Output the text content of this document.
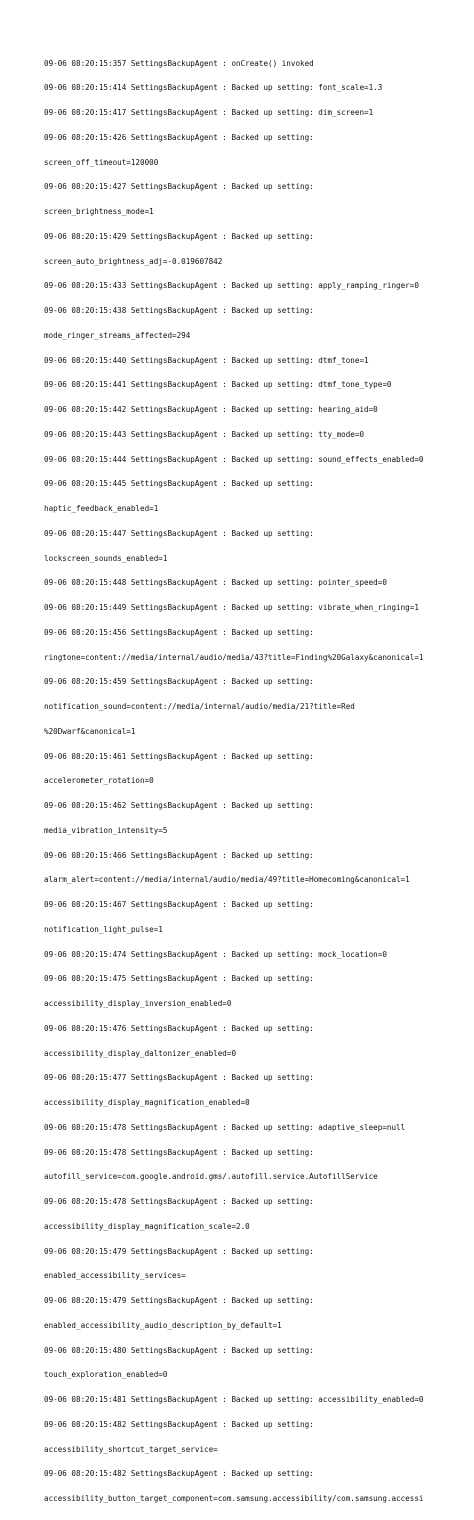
09-06 08:20:15:357 SettingsBackupAgent : onCreate() invoked

09-06 08:20:15:414 SettingsBackupAgent : Backed up setting: font_scale=1.3

09-06 08:20:15:417 SettingsBackupAgent : Backed up setting: dim_screen=1

09-06 08:20:15:426 SettingsBackupAgent : Backed up setting:

screen_off_timeout=120000

09-06 08:20:15:427 SettingsBackupAgent : Backed up setting:

screen_brightness_mode=1

09-06 08:20:15:429 SettingsBackupAgent : Backed up setting:

screen_auto_brightness_adj=-0.019607842

09-06 08:20:15:433 SettingsBackupAgent : Backed up setting: apply_ramping_ringer=0

09-06 08:20:15:438 SettingsBackupAgent : Backed up setting:

mode_ringer_streams_affected=294

09-06 08:20:15:440 SettingsBackupAgent : Backed up setting: dtmf_tone=1

09-06 08:20:15:441 SettingsBackupAgent : Backed up setting: dtmf_tone_type=0

09-06 08:20:15:442 SettingsBackupAgent : Backed up setting: hearing_aid=0

09-06 08:20:15:443 SettingsBackupAgent : Backed up setting: tty_mode=0

09-06 08:20:15:444 SettingsBackupAgent : Backed up setting: sound_effects_enabled=0

09-06 08:20:15:445 SettingsBackupAgent : Backed up setting:

haptic_feedback_enabled=1

09-06 08:20:15:447 SettingsBackupAgent : Backed up setting:

lockscreen_sounds_enabled=1

09-06 08:20:15:448 SettingsBackupAgent : Backed up setting: pointer_speed=0

09-06 08:20:15:449 SettingsBackupAgent : Backed up setting: vibrate_when_ringing=1

09-06 08:20:15:456 SettingsBackupAgent : Backed up setting:

ringtone=content://media/internal/audio/media/43?title=Finding%20Galaxy&canonical=1

09-06 08:20:15:459 SettingsBackupAgent : Backed up setting:

notification_sound=content://media/internal/audio/media/21?title=Red

%20Dwarf&canonical=1

09-06 08:20:15:461 SettingsBackupAgent : Backed up setting:

accelerometer_rotation=0

09-06 08:20:15:462 SettingsBackupAgent : Backed up setting:

media_vibration_intensity=5

09-06 08:20:15:466 SettingsBackupAgent : Backed up setting:

alarm_alert=content://media/internal/audio/media/49?title=Homecoming&canonical=1

09-06 08:20:15:467 SettingsBackupAgent : Backed up setting:

notification_light_pulse=1

09-06 08:20:15:474 SettingsBackupAgent : Backed up setting: mock_location=0

09-06 08:20:15:475 SettingsBackupAgent : Backed up setting:

accessibility_display_inversion_enabled=0

09-06 08:20:15:476 SettingsBackupAgent : Backed up setting:

accessibility_display_daltonizer_enabled=0

09-06 08:20:15:477 SettingsBackupAgent : Backed up setting:

accessibility_display_magnification_enabled=0

09-06 08:20:15:478 SettingsBackupAgent : Backed up setting: adaptive_sleep=null

09-06 08:20:15:478 SettingsBackupAgent : Backed up setting:

autofill_service=com.google.android.gms/.autofill.service.AutofillService

09-06 08:20:15:478 SettingsBackupAgent : Backed up setting:

accessibility_display_magnification_scale=2.0

09-06 08:20:15:479 SettingsBackupAgent : Backed up setting:

enabled_accessibility_services=

09-06 08:20:15:479 SettingsBackupAgent : Backed up setting:

enabled_accessibility_audio_description_by_default=1

09-06 08:20:15:480 SettingsBackupAgent : Backed up setting:

touch_exploration_enabled=0

09-06 08:20:15:481 SettingsBackupAgent : Backed up setting: accessibility_enabled=0

09-06 08:20:15:482 SettingsBackupAgent : Backed up setting:

accessibility_shortcut_target_service=

09-06 08:20:15:482 SettingsBackupAgent : Backed up setting:

accessibility_button_target_component=com.samsung.accessibility/com.samsung.accessi
